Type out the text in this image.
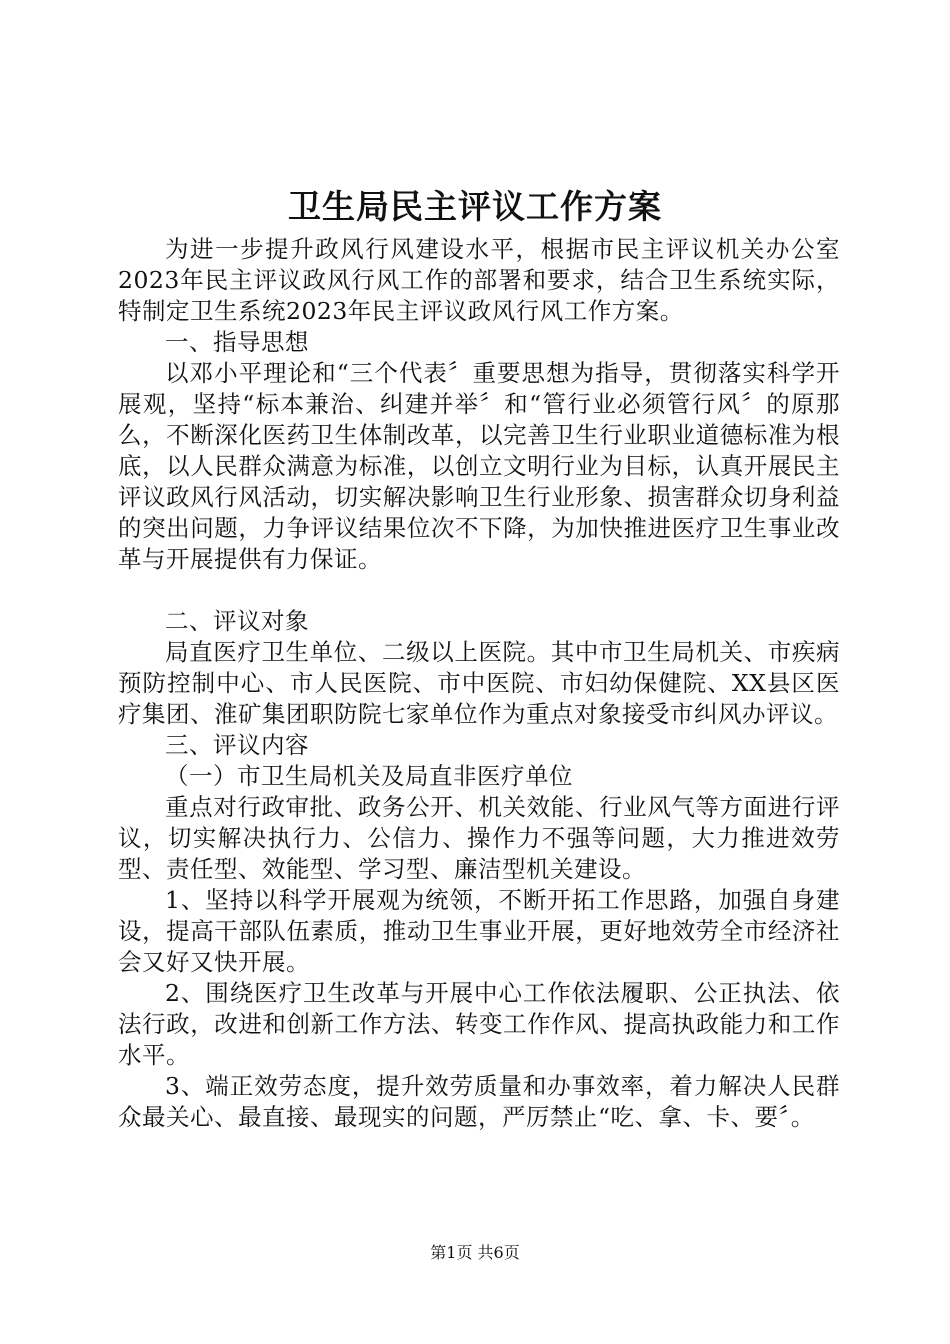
卫生局民主评议工作方案

为进一步提升政风行风建设水平，根据市民主评议机关办公室2023年民主评议政风行风工作的部署和要求，结合卫生系统实际，特制定卫生系统2023年民主评议政风行风工作方案。

一、指导思想

以邓小平理论和“三个代表〞重要思想为指导，贯彻落实科学开展观，坚持“标本兼治、纠建并举〞和“管行业必须管行风〞的原那么，不断深化医药卫生体制改革，以完善卫生行业职业道德标准为根底，以人民群众满意为标准，以创立文明行业为目标，认真开展民主评议政风行风活动，切实解决影响卫生行业形象、损害群众切身利益的突出问题，力争评议结果位次不下降，为加快推进医疗卫生事业改革与开展提供有力保证。

二、评议对象

局直医疗卫生单位、二级以上医院。其中市卫生局机关、市疾病预防控制中心、市人民医院、市中医院、市妇幼保健院、XX县区医疗集团、淮矿集团职防院七家单位作为重点对象接受市纠风办评议。

三、评议内容

（一）市卫生局机关及局直非医疗单位

重点对行政审批、政务公开、机关效能、行业风气等方面进行评议，切实解决执行力、公信力、操作力不强等问题，大力推进效劳型、责任型、效能型、学习型、廉洁型机关建设。

1、坚持以科学开展观为统领，不断开拓工作思路，加强自身建设，提高干部队伍素质，推动卫生事业开展，更好地效劳全市经济社会又好又快开展。

2、围绕医疗卫生改革与开展中心工作依法履职、公正执法、依法行政，改进和创新工作方法、转变工作作风、提高执政能力和工作水平。

3、端正效劳态度，提升效劳质量和办事效率，着力解决人民群众最关心、最直接、最现实的问题，严厉禁止“吃、拿、卡、要〞。

第1页 共6页
